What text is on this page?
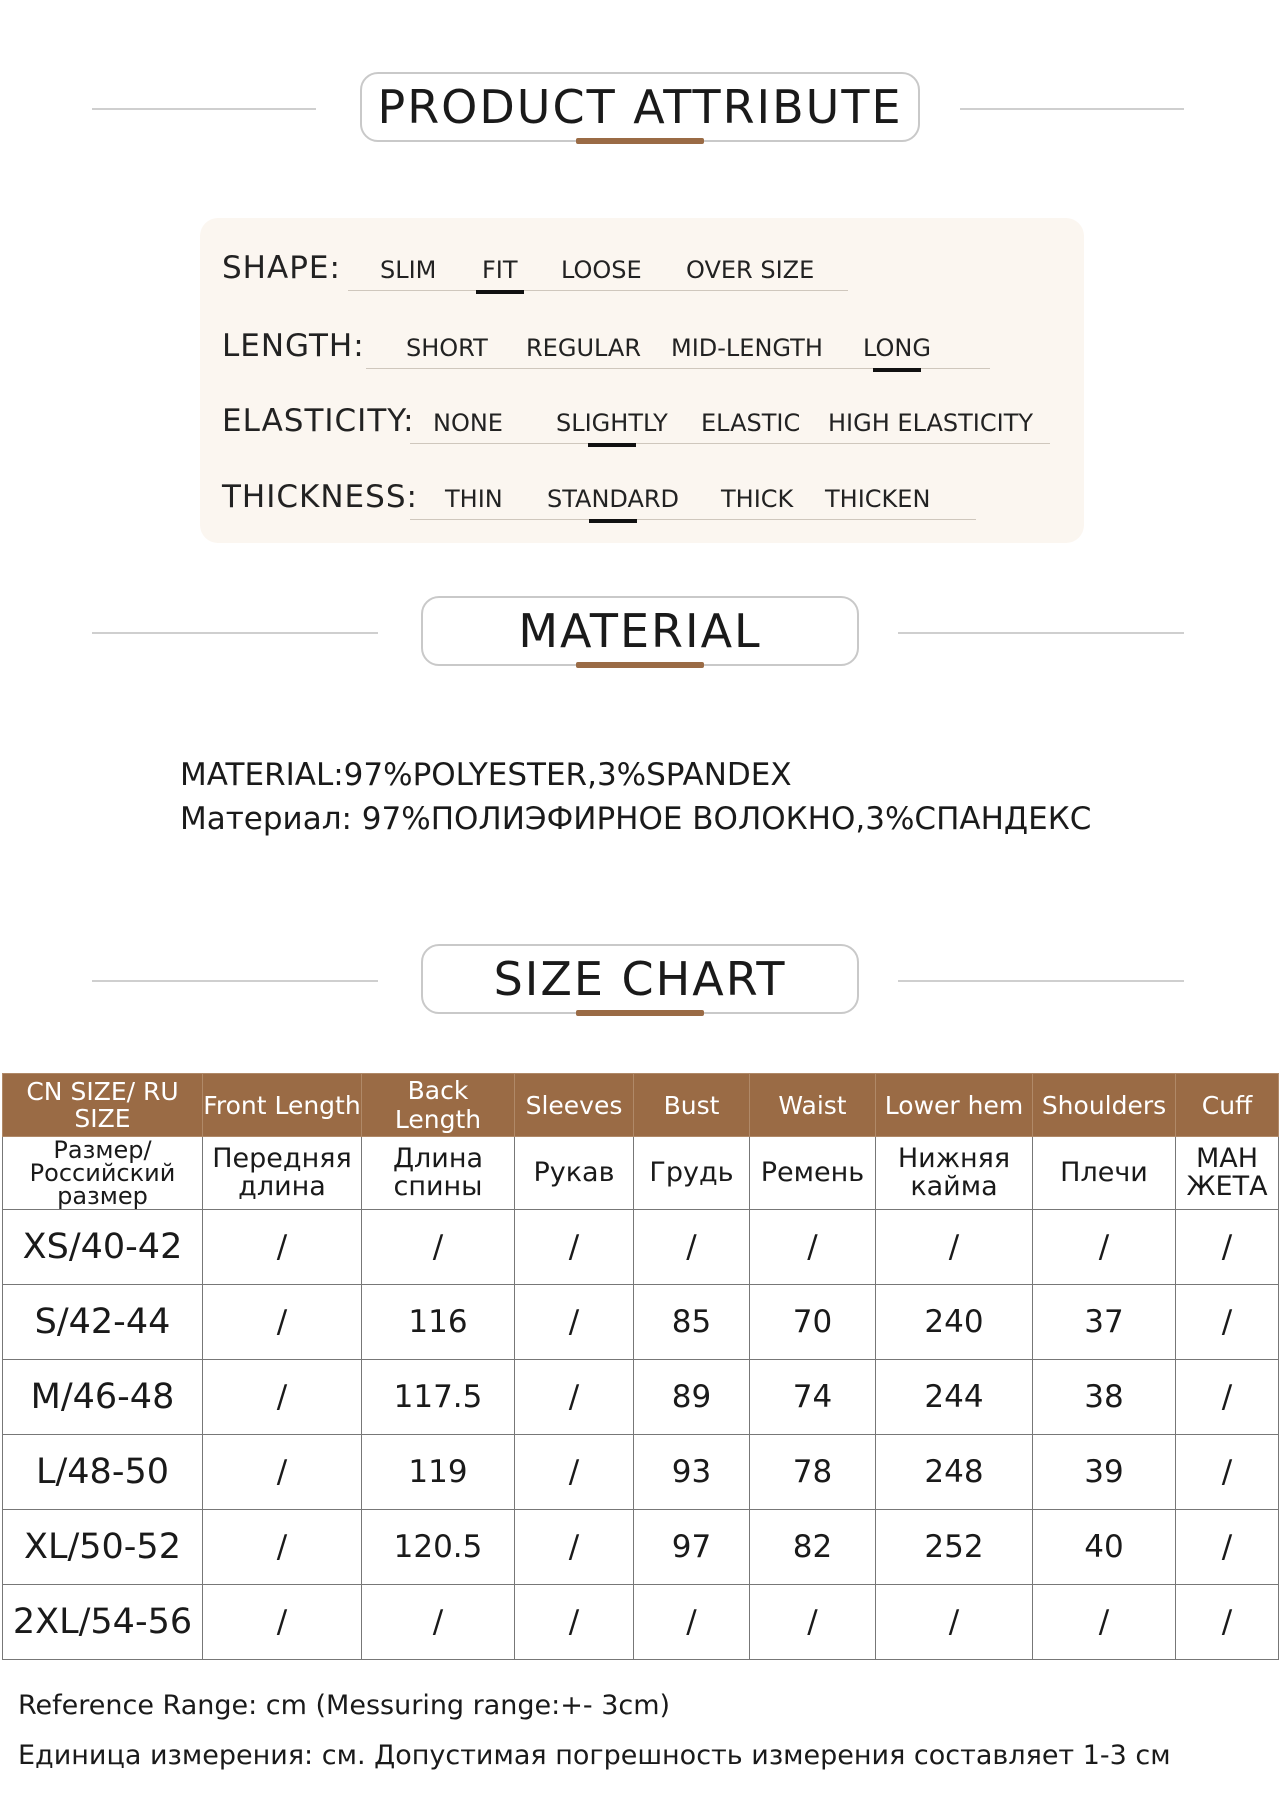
PRODUCT ATTRIBUTE
SHAPE: SLIM FIT LOOSE OVER SIZE
LENGTH: SHORT REGULAR MID-LENGTH LONG
ELASTICITY: NONE SLIGHTLY ELASTIC HIGH ELASTICITY
THICKNESS: THIN STANDARD THICK THICKEN
MATERIAL
MATERIAL:97%POLYESTER,3%SPANDEX
Материал: 97%ПОЛИЭФИРНОЕ ВОЛОКНО,3%СПАНДЕКС
SIZE CHART
CN SIZE/ RU SIZE	Front Length	Back Length	Sleeves	Bust	Waist	Lower hem	Shoulders	Cuff
Размер/ Российский размер	Передняя длина	Длина спины	Рукав	Грудь	Ремень	Нижняя кайма	Плечи	МАН ЖЕТА
XS/40-42	/	/	/	/	/	/	/	/
S/42-44	/	116	/	85	70	240	37	/
M/46-48	/	117.5	/	89	74	244	38	/
L/48-50	/	119	/	93	78	248	39	/
XL/50-52	/	120.5	/	97	82	252	40	/
2XL/54-56	/	/	/	/	/	/	/	/
Reference Range: cm (Messuring range:+- 3cm)
Единица измерения: см. Допустимая погрешность измерения составляет 1-3 см
